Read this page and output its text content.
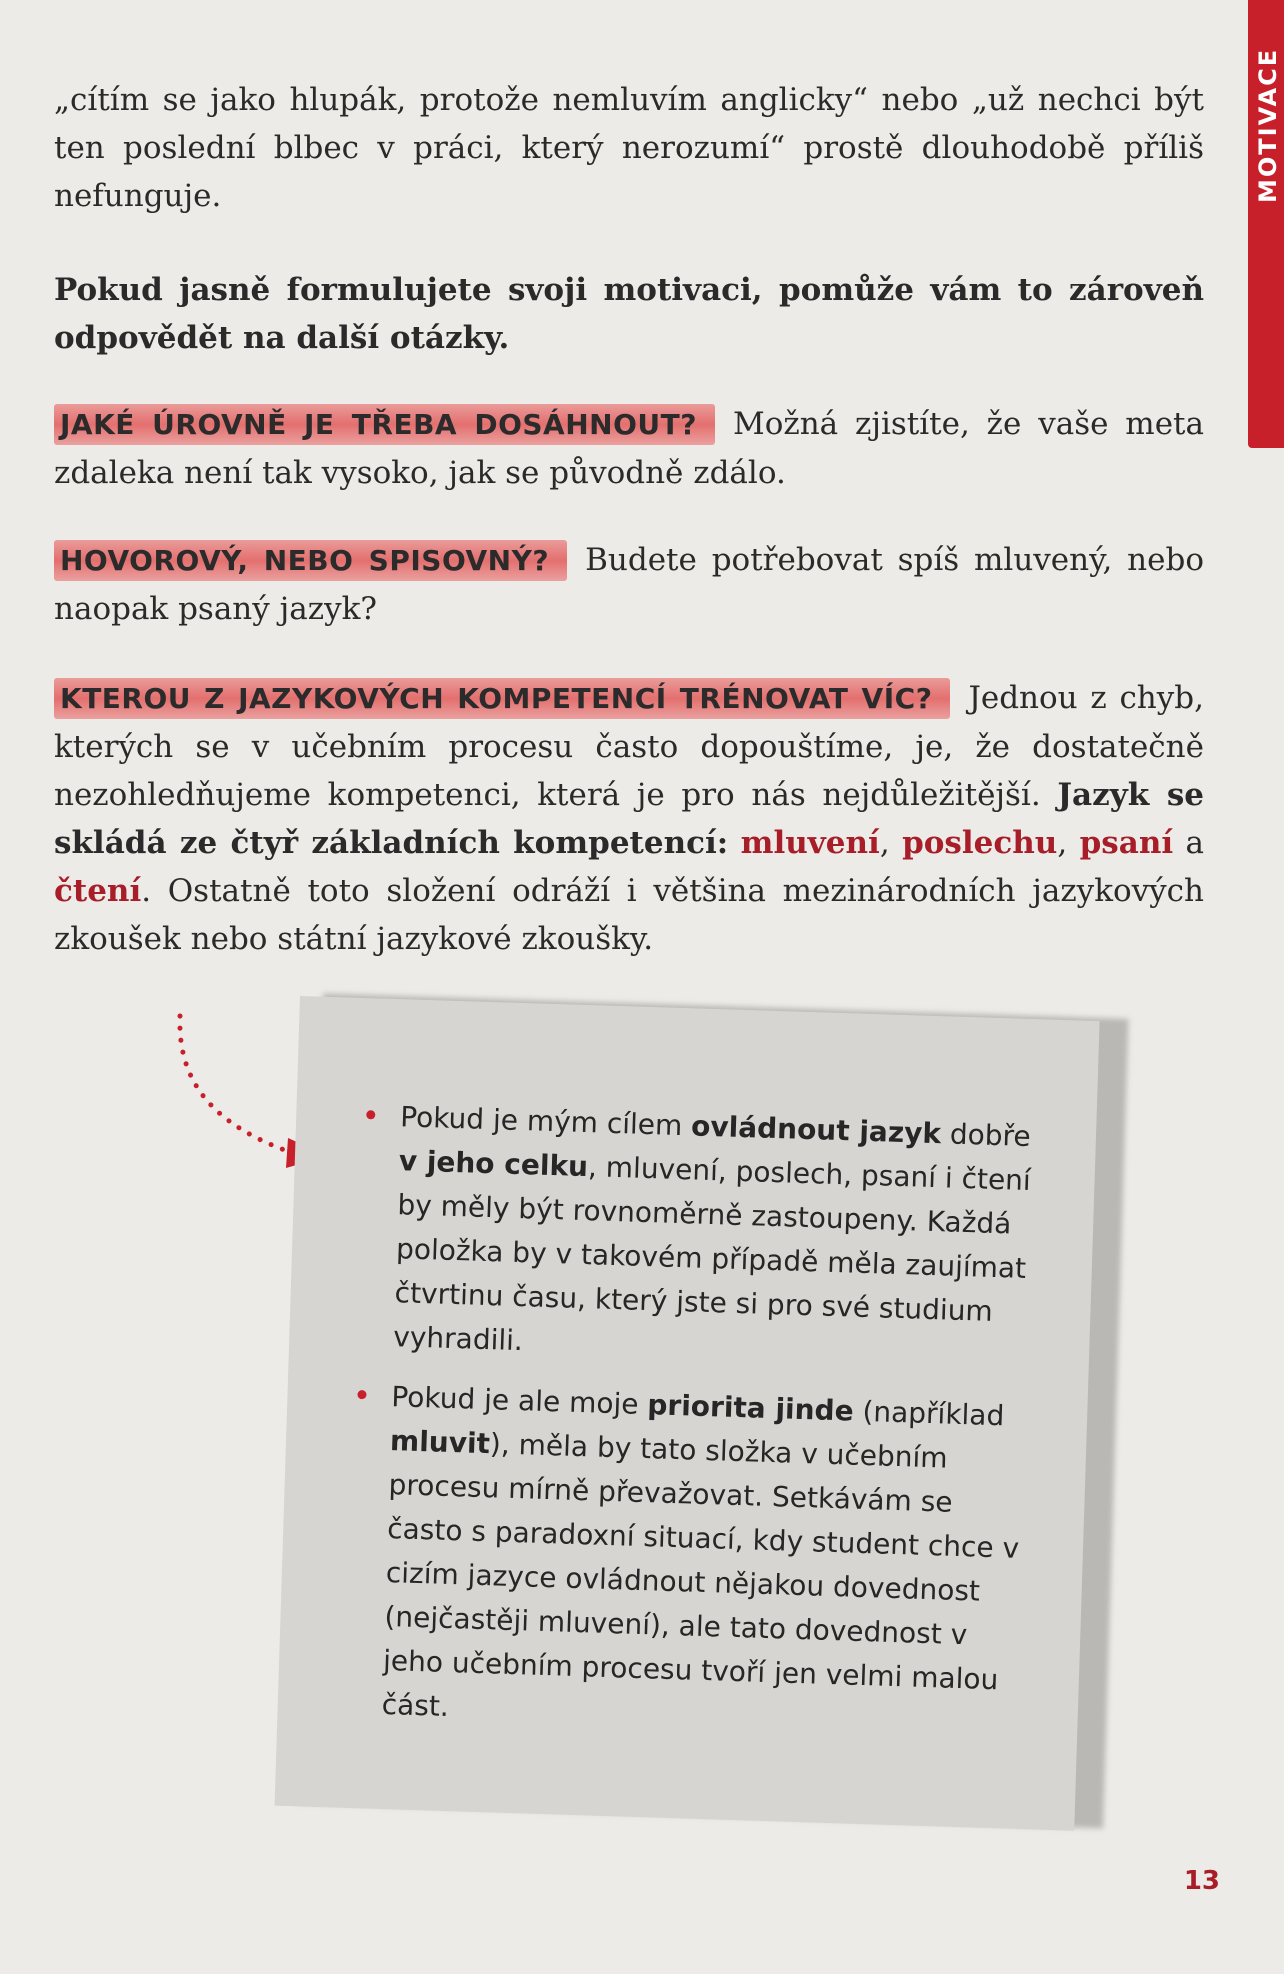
MOTIVACE

„cítím se jako hlupák, protože nemluvím anglicky“ nebo „už nechci být ten poslední blbec v práci, který nerozumí“ prostě dlouhodobě příliš nefunguje.

Pokud jasně formulujete svoji motivaci, pomůže vám to zároveň odpovědět na další otázky.

JAKÉ ÚROVNĚ JE TŘEBA DOSÁHNOUT? Možná zjistíte, že vaše meta zdaleka není tak vysoko, jak se původně zdálo.

HOVOROVÝ, NEBO SPISOVNÝ? Budete potřebovat spíš mluvený, nebo naopak psaný jazyk?

KTEROU Z JAZYKOVÝCH KOMPETENCÍ TRÉNOVAT VÍC? Jednou z chyb, kterých se v učebním procesu často dopouštíme, je, že dostatečně nezohledňujeme kompetenci, která je pro nás nejdůležitější. Jazyk se skládá ze čtyř základních kompetencí: mluvení, poslechu, psaní a čtení. Ostatně toto složení odráží i většina mezinárodních jazykových zkoušek nebo státní jazykové zkoušky.

Pokud je mým cílem ovládnout jazyk dobře v jeho celku, mluvení, poslech, psaní i čtení by měly být rovnoměrně zastoupeny. Každá položka by v takovém případě měla zaujímat čtvrtinu času, který jste si pro své studium vyhradili.
Pokud je ale moje priorita jinde (například mluvit), měla by tato složka v učebním procesu mírně převažovat. Setkávám se často s paradoxní situací, kdy student chce v cizím jazyce ovládnout nějakou dovednost (nejčastěji mluvení), ale tato dovednost v jeho učebním procesu tvoří jen velmi malou část.
13
